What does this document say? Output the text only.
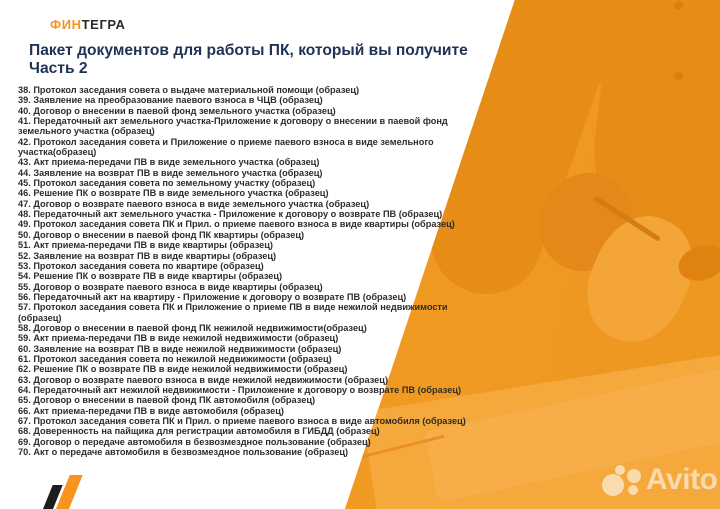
ФИНТЕГРА
Пакет документов для работы ПК, который вы получите
Часть 2
38. Протокол заседания совета о выдаче материальной помощи (образец)
39. Заявление на преобразование паевого взноса в ЧЦВ (образец)
40. Договор о внесении в паевой фонд земельного участка (образец)
41. Передаточный акт земельного участка-Приложение к договору о внесении в паевой фонд
земельного участка (образец)
42. Протокол заседания совета и Приложение о приеме паевого взноса в виде земельного
участка(образец)
43. Акт приема-передачи ПВ в виде земельного участка (образец)
44. Заявление на возврат ПВ в виде земельного участка (образец)
45. Протокол заседания совета по земельному участку (образец)
46. Решение ПК о возврате ПВ в виде земельного участка (образец)
47. Договор о возврате паевого взноса в виде земельного участка (образец)
48. Передаточный акт земельного участка - Приложение к договору о возврате ПВ (образец)
49. Протокол заседания совета ПК и Прил. о приеме паевого взноса в виде квартиры (образец)
50. Договор о внесении в паевой фонд ПК квартиры (образец)
51. Акт приема-передачи ПВ в виде квартиры (образец)
52. Заявление на возврат ПВ в виде квартиры (образец)
53. Протокол заседания совета по квартире (образец)
54. Решение ПК о возврате ПВ в виде квартиры (образец)
55. Договор о возврате паевого взноса в виде квартиры (образец)
56. Передаточный акт на квартиру - Приложение к договору о возврате ПВ (образец)
57. Протокол заседания совета ПК и Приложение о приеме ПВ в виде нежилой недвижимости
(образец)
58. Договор о внесении в паевой фонд ПК нежилой недвижимости(образец)
59. Акт приема-передачи ПВ в виде нежилой недвижимости (образец)
60. Заявление на возврат ПВ в виде нежилой недвижимости (образец)
61. Протокол заседания совета по нежилой недвижимости (образец)
62. Решение ПК о возврате ПВ в виде нежилой недвижимости (образец)
63. Договор о возврате паевого взноса в виде нежилой недвижимости (образец)
64. Передаточный акт нежилой недвижимости - Приложение к договору о возврате ПВ (образец)
65. Договор о внесении в паевой фонд ПК автомобиля (образец)
66. Акт приема-передачи ПВ в виде автомобиля (образец)
67. Протокол заседания совета ПК и Прил. о приеме паевого взноса в виде автомобиля (образец)
68. Доверенность на пайщика для регистрации автомобиля в ГИБДД (образец)
69. Договор о передаче автомобиля в безвозмездное пользование (образец)
70. Акт о передаче автомобиля в безвозмездное пользование (образец)
Avito
